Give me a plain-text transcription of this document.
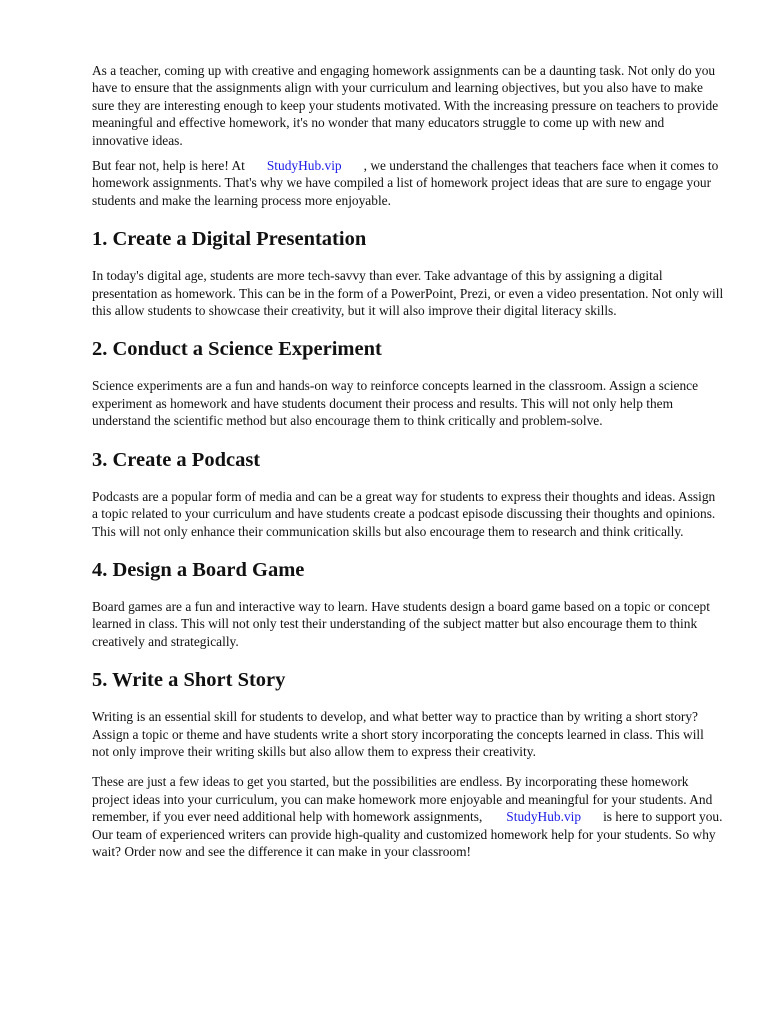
As a teacher, coming up with creative and engaging homework assignments can be a daunting task. Not only do you have to ensure that the assignments align with your curriculum and learning objectives, but you also have to make sure they are interesting enough to keep your students motivated. With the increasing pressure on teachers to provide meaningful and effective homework, it's no wonder that many educators struggle to come up with new and innovative ideas.

But fear not, help is here! At StudyHub.vip , we understand the challenges that teachers face when it comes to homework assignments. That's why we have compiled a list of homework project ideas that are sure to engage your students and make the learning process more enjoyable.

1. Create a Digital Presentation

In today's digital age, students are more tech-savvy than ever. Take advantage of this by assigning a digital presentation as homework. This can be in the form of a PowerPoint, Prezi, or even a video presentation. Not only will this allow students to showcase their creativity, but it will also improve their digital literacy skills.

2. Conduct a Science Experiment

Science experiments are a fun and hands-on way to reinforce concepts learned in the classroom. Assign a science experiment as homework and have students document their process and results. This will not only help them understand the scientific method but also encourage them to think critically and problem-solve.

3. Create a Podcast

Podcasts are a popular form of media and can be a great way for students to express their thoughts and ideas. Assign a topic related to your curriculum and have students create a podcast episode discussing their thoughts and opinions. This will not only enhance their communication skills but also encourage them to research and think critically.

4. Design a Board Game

Board games are a fun and interactive way to learn. Have students design a board game based on a topic or concept learned in class. This will not only test their understanding of the subject matter but also encourage them to think creatively and strategically.

5. Write a Short Story

Writing is an essential skill for students to develop, and what better way to practice than by writing a short story? Assign a topic or theme and have students write a short story incorporating the concepts learned in class. This will not only improve their writing skills but also allow them to express their creativity.

These are just a few ideas to get you started, but the possibilities are endless. By incorporating these homework project ideas into your curriculum, you can make homework more enjoyable and meaningful for your students. And remember, if you ever need additional help with homework assignments, StudyHub.vip is here to support you. Our team of experienced writers can provide high-quality and customized homework help for your students. So why wait? Order now and see the difference it can make in your classroom!
